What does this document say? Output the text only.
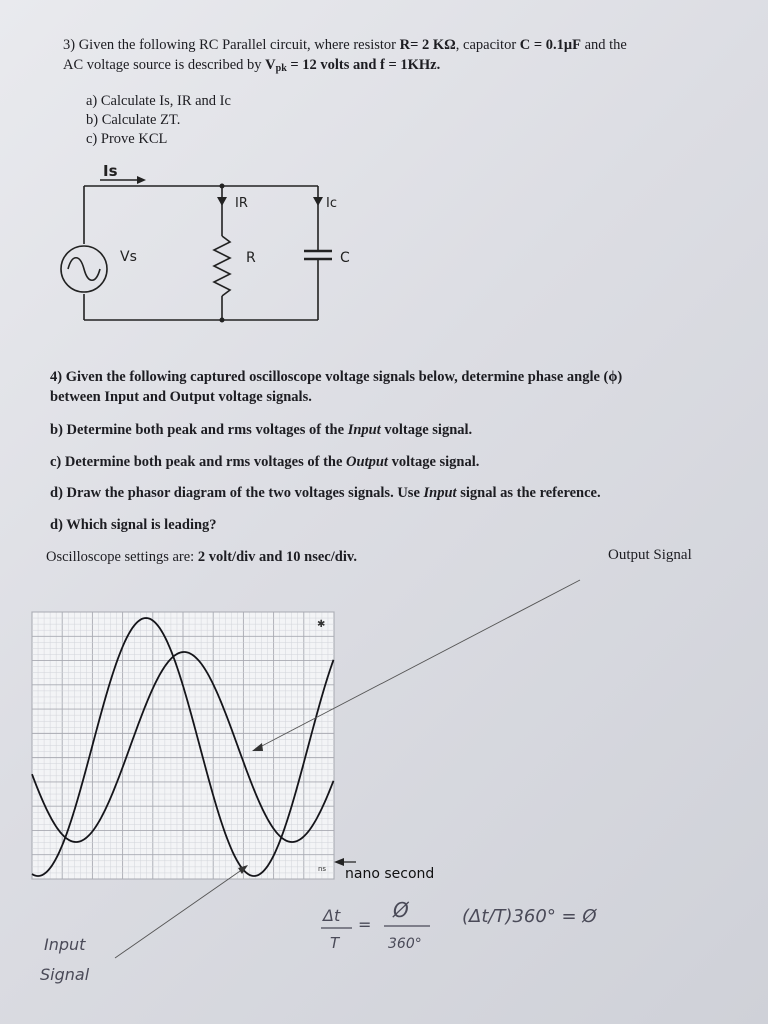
3) Given the following RC Parallel circuit, where resistor R= 2 KΩ, capacitor C = 0.1μF and the
AC voltage source is described by $V_{pk} = 12$ volts and f = 1KHz.
a) Calculate Is, IR and Ic
b) Calculate ZT.
c) Prove KCL
Is
IR	Ic
Vs	R	C
4) Given the following captured oscilloscope voltage signals below, determine phase angle (ϕ)
between Input and Output voltage signals.
b) Determine both peak and rms voltages of the Input voltage signal.
c) Determine both peak and rms voltages of the Output voltage signal.
d) Draw the phasor diagram of the two voltages signals. Use Input signal as the reference.
d) Which signal is leading?
Oscilloscope settings are: 2 volt/div and 10 nsec/div.	Output Signal
✱
ns nano second
Input
Signal
Δt
T
=
Ø
360°
(Δt/T)360° = Ø
